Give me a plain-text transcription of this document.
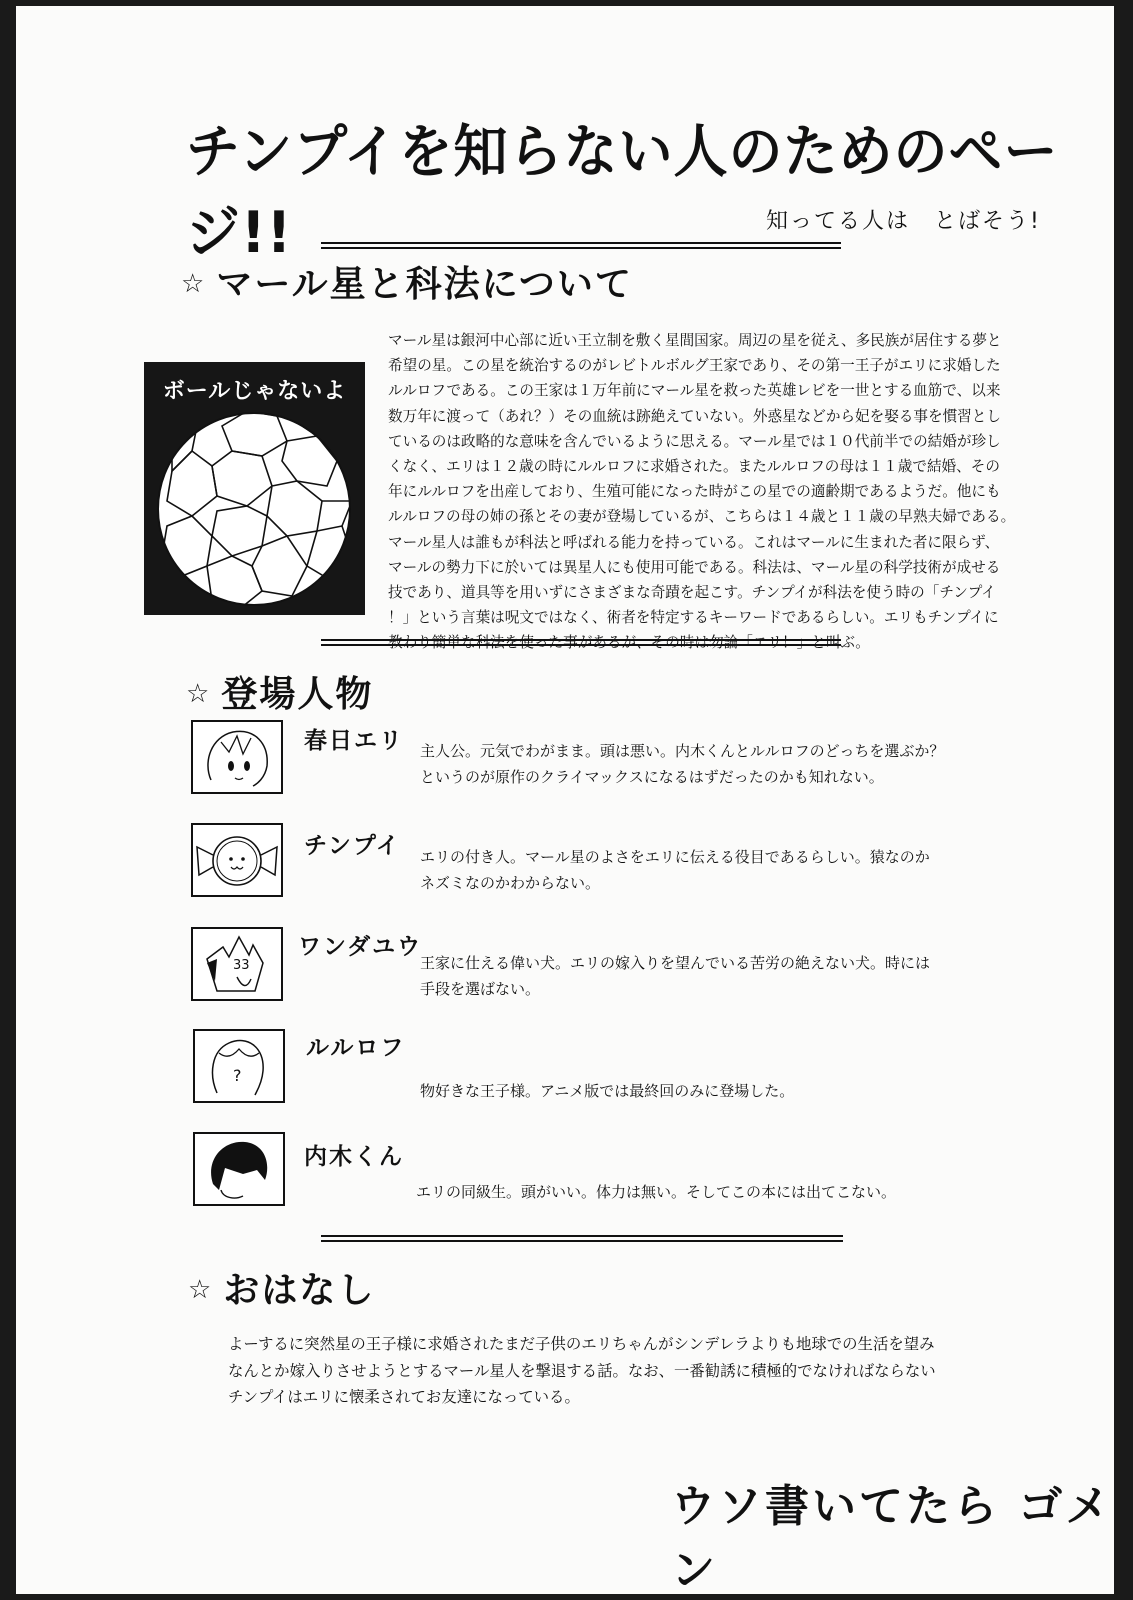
チンプイを知らない人のためのページ!!	知ってる人は　とばそう!
☆ マール星と科法について
ボールじゃないよ
マール星は銀河中心部に近い王立制を敷く星間国家。周辺の星を従え、多民族が居住する夢と
希望の星。この星を統治するのがレビトルボルグ王家であり、その第一王子がエリに求婚した
ルルロフである。この王家は１万年前にマール星を救った英雄レビを一世とする血筋で、以来
数万年に渡って（あれ？）その血統は跡絶えていない。外惑星などから妃を娶る事を慣習とし
ているのは政略的な意味を含んでいるように思える。マール星では１０代前半での結婚が珍し
くなく、エリは１２歳の時にルルロフに求婚された。またルルロフの母は１１歳で結婚、その
年にルルロフを出産しており、生殖可能になった時がこの星での適齢期であるようだ。他にも
ルルロフの母の姉の孫とその妻が登場しているが、こちらは１４歳と１１歳の早熟夫婦である。
マール星人は誰もが科法と呼ばれる能力を持っている。これはマールに生まれた者に限らず、
マールの勢力下に於いては異星人にも使用可能である。科法は、マール星の科学技術が成せる
技であり、道具等を用いずにさまざまな奇蹟を起こす。チンプイが科法を使う時の「チンプイ
！」という言葉は呪文ではなく、術者を特定するキーワードであるらしい。エリもチンプイに
教わり簡単な科法を使った事があるが、その時は勿論「エリ！」と叫ぶ。
☆ 登場人物
春日エリ 主人公。元気でわがまま。頭は悪い。内木くんとルルロフのどっちを選ぶか？
というのが原作のクライマックスになるはずだったのかも知れない。
チンプイ エリの付き人。マール星のよさをエリに伝える役目であるらしい。猿なのか
ネズミなのかわからない。
33
ワンダユウ
王家に仕える偉い犬。エリの嫁入りを望んでいる苦労の絶えない犬。時には
手段を選ばない。
?
ルルロフ
物好きな王子様。アニメ版では最終回のみに登場した。
内木くん
エリの同級生。頭がいい。体力は無い。そしてこの本には出てこない。
☆ おはなし
よーするに突然星の王子様に求婚されたまだ子供のエリちゃんがシンデレラよりも地球での生活を望み
なんとか嫁入りさせようとするマール星人を撃退する話。なお、一番勧誘に積極的でなければならない
チンプイはエリに懐柔されてお友達になっている。
ウソ書いてたら ゴメン
